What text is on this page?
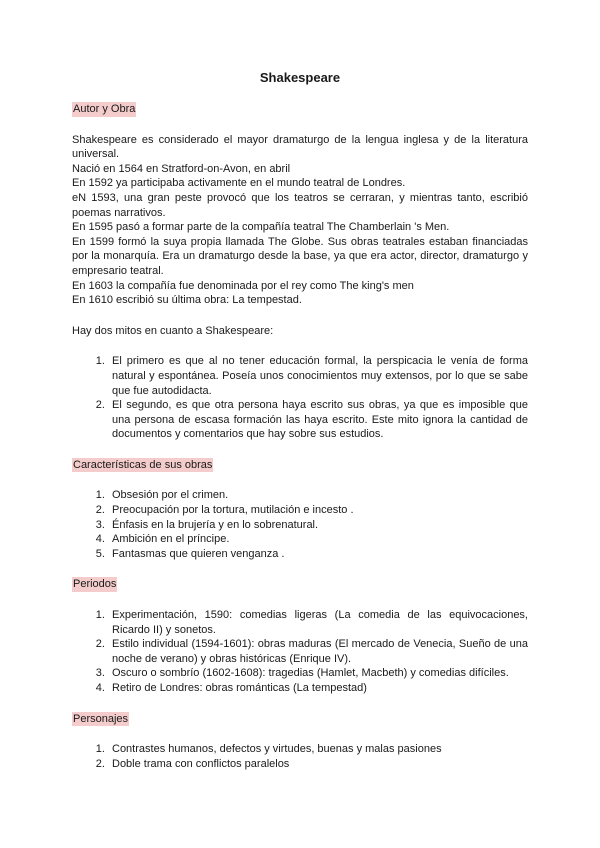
Shakespeare
Autor y Obra

Shakespeare es considerado el mayor dramaturgo de la lengua inglesa y de la literatura universal.

Nació en 1564 en Stratford-on-Avon, en abril

En 1592 ya participaba activamente en el mundo teatral de Londres.

eN 1593, una gran peste provocó que los teatros se cerraran, y mientras tanto, escribió poemas narrativos.

En 1595 pasó a formar parte de la compañía teatral The Chamberlain 's Men.

En 1599 formó la suya propia llamada The Globe. Sus obras teatrales estaban financiadas por la monarquía. Era un dramaturgo desde la base, ya que era actor, director, dramaturgo y empresario teatral.

En 1603 la compañía fue denominada por el rey como The king's men

En 1610 escribió su última obra: La tempestad.

Hay dos mitos en cuanto a Shakespeare:

1. El primero es que al no tener educación formal, la perspicacia le venía de forma natural y espontánea. Poseía unos conocimientos muy extensos, por lo que se sabe que fue autodidacta.
2. El segundo, es que otra persona haya escrito sus obras, ya que es imposible que una persona de escasa formación las haya escrito. Este mito ignora la cantidad de documentos y comentarios que hay sobre sus estudios.
Características de sus obras
1. Obsesión por el crimen.
2. Preocupación por la tortura, mutilación e incesto .
3. Énfasis en la brujería y en lo sobrenatural.
4. Ambición en el príncipe.
5. Fantasmas que quieren venganza .
Periodos
1. Experimentación, 1590: comedias ligeras (La comedia de las equivocaciones, Ricardo II) y sonetos.
2. Estilo individual (1594-1601): obras maduras (El mercado de Venecia, Sueño de una noche de verano) y obras históricas (Enrique IV).
3. Oscuro o sombrío (1602-1608): tragedias (Hamlet, Macbeth) y comedias difíciles.
4. Retiro de Londres: obras románticas (La tempestad)
Personajes
1. Contrastes humanos, defectos y virtudes, buenas y malas pasiones
2. Doble trama con conflictos paralelos
